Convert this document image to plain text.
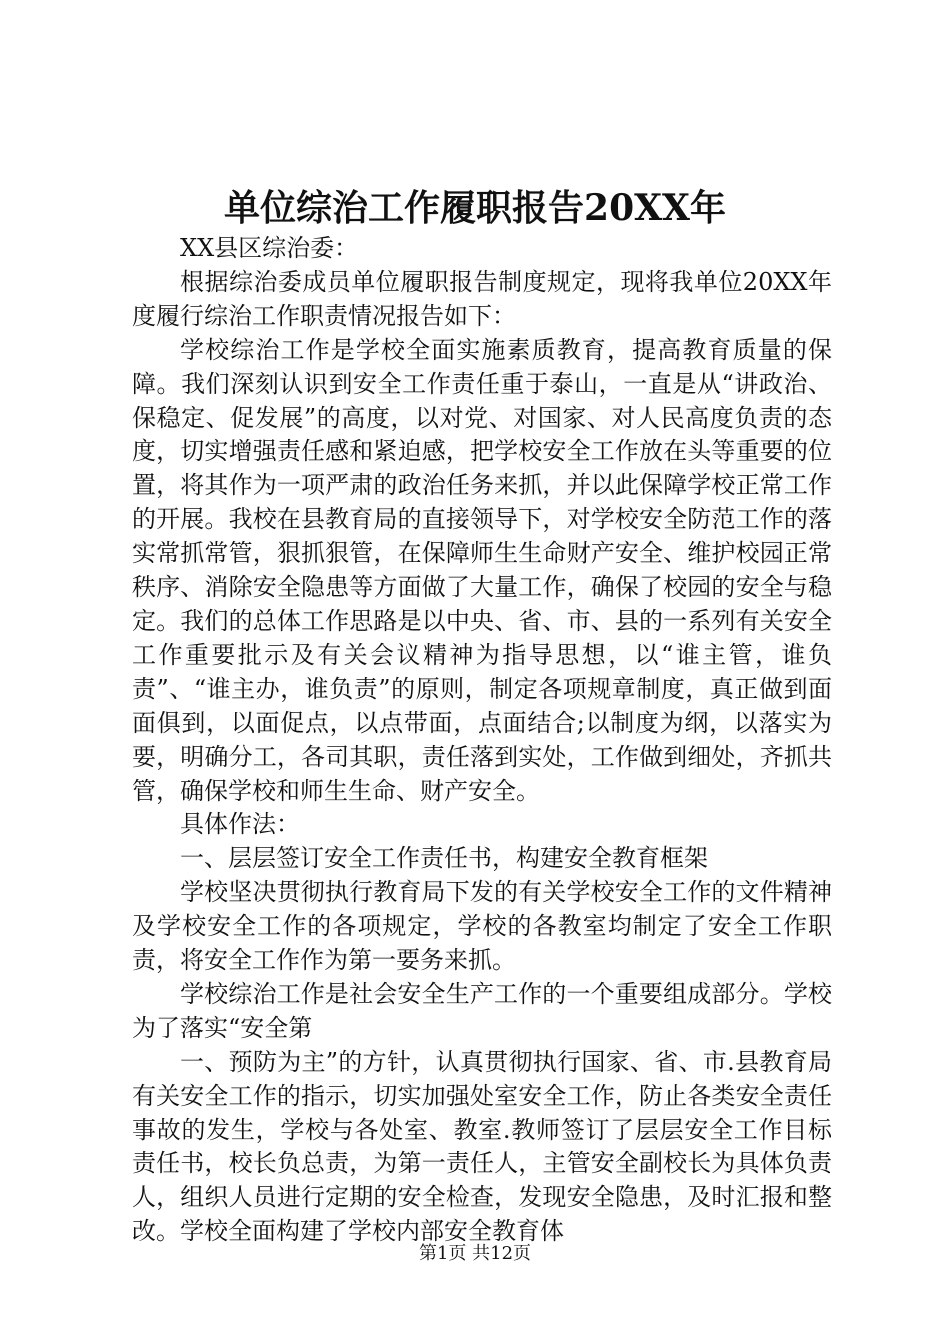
单位综治工作履职报告20XX年

XX县区综治委：

根据综治委成员单位履职报告制度规定，现将我单位20XX年度履行综治工作职责情况报告如下：

学校综治工作是学校全面实施素质教育，提高教育质量的保障。我们深刻认识到安全工作责任重于泰山，一直是从“讲政治、保稳定、促发展”的高度，以对党、对国家、对人民高度负责的态度，切实增强责任感和紧迫感，把学校安全工作放在头等重要的位置，将其作为一项严肃的政治任务来抓，并以此保障学校正常工作的开展。我校在县教育局的直接领导下，对学校安全防范工作的落实常抓常管，狠抓狠管，在保障师生生命财产安全、维护校园正常秩序、消除安全隐患等方面做了大量工作，确保了校园的安全与稳定。我们的总体工作思路是以中央、省、市、县的一系列有关安全工作重要批示及有关会议精神为指导思想，以“谁主管，谁负责”、“谁主办，谁负责”的原则，制定各项规章制度，真正做到面面俱到，以面促点，以点带面，点面结合;以制度为纲，以落实为要，明确分工，各司其职，责任落到实处，工作做到细处，齐抓共管，确保学校和师生生命、财产安全。

具体作法：

一、层层签订安全工作责任书，构建安全教育框架

学校坚决贯彻执行教育局下发的有关学校安全工作的文件精神及学校安全工作的各项规定，学校的各教室均制定了安全工作职责，将安全工作作为第一要务来抓。

学校综治工作是社会安全生产工作的一个重要组成部分。学校为了落实“安全第

一、预防为主”的方针，认真贯彻执行国家、省、市.县教育局有关安全工作的指示，切实加强处室安全工作，防止各类安全责任事故的发生，学校与各处室、教室.教师签订了层层安全工作目标责任书，校长负总责，为第一责任人，主管安全副校长为具体负责人，组织人员进行定期的安全检查，发现安全隐患，及时汇报和整改。学校全面构建了学校内部安全教育体

第1页 共12页
